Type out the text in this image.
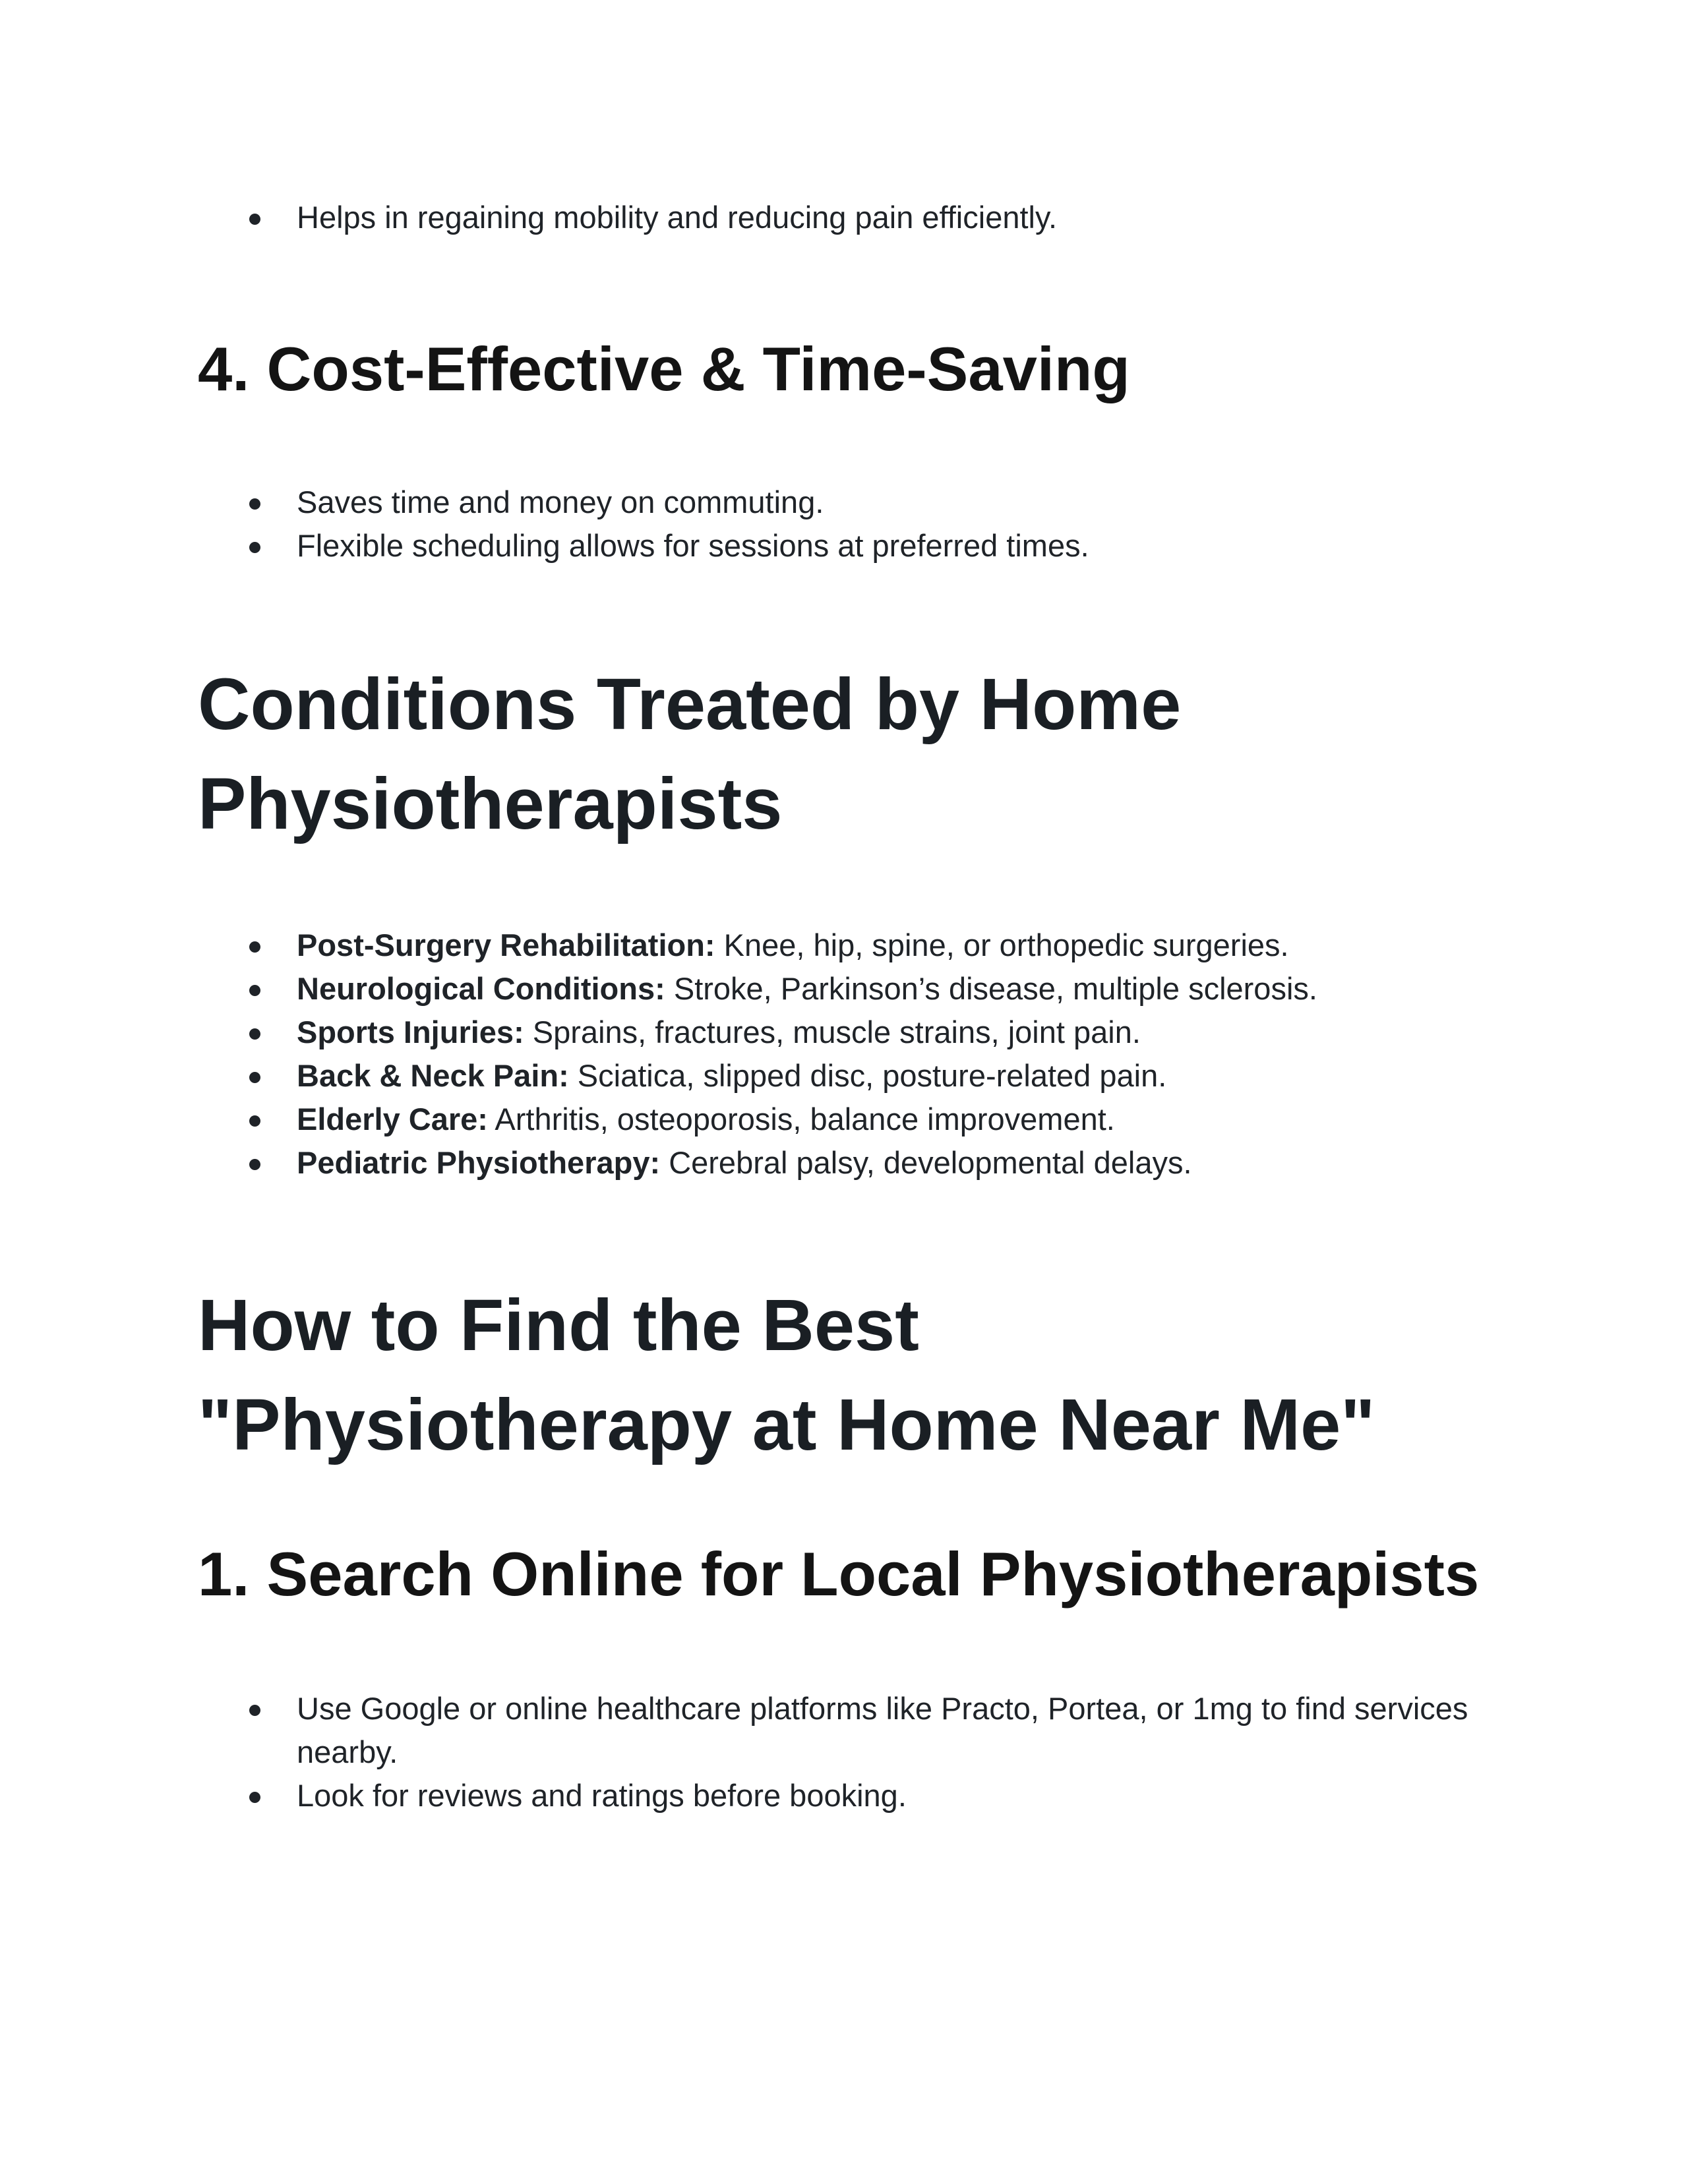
Helps in regaining mobility and reducing pain efficiently.
4. Cost-Effective & Time-Saving
Saves time and money on commuting.
Flexible scheduling allows for sessions at preferred times.
Conditions Treated by Home Physiotherapists
Post-Surgery Rehabilitation: Knee, hip, spine, or orthopedic surgeries.
Neurological Conditions: Stroke, Parkinson’s disease, multiple sclerosis.
Sports Injuries: Sprains, fractures, muscle strains, joint pain.
Back & Neck Pain: Sciatica, slipped disc, posture-related pain.
Elderly Care: Arthritis, osteoporosis, balance improvement.
Pediatric Physiotherapy: Cerebral palsy, developmental delays.
How to Find the Best "Physiotherapy at Home Near Me"
1. Search Online for Local Physiotherapists
Use Google or online healthcare platforms like Practo, Portea, or 1mg to find services nearby.
Look for reviews and ratings before booking.
